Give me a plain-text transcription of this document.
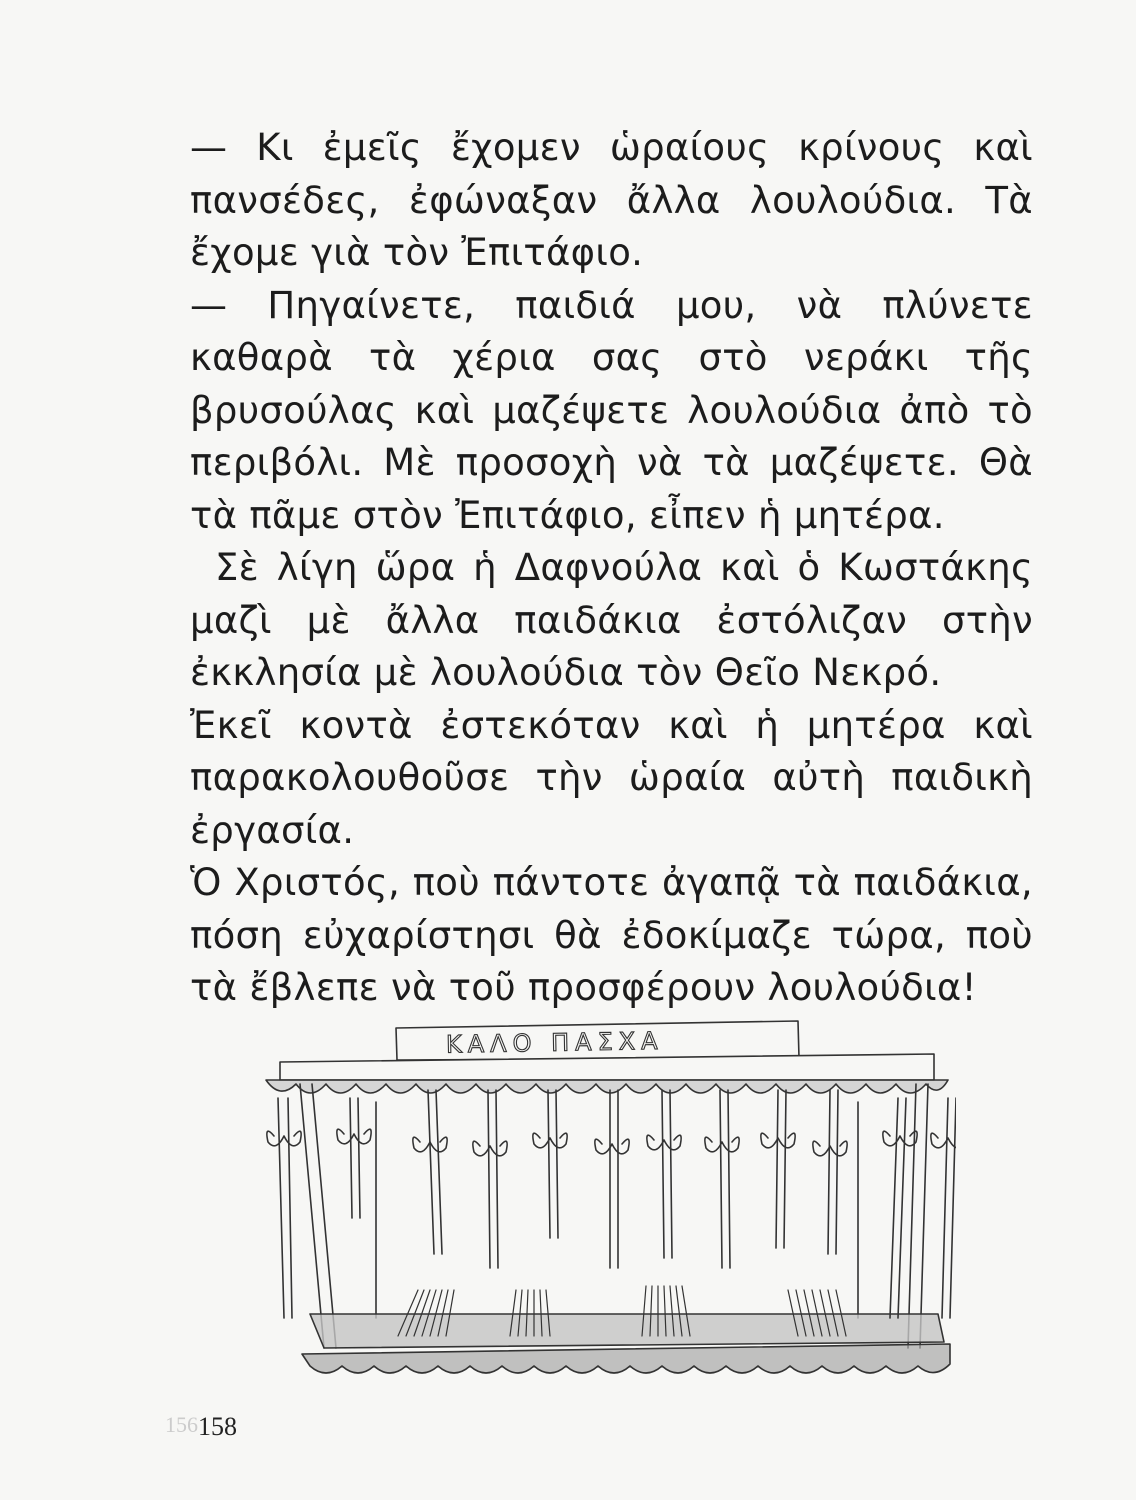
— Κι ἐμεῖς ἔχομεν ὡραίους κρίνους καὶ πανσέδες, ἐφώναξαν ἄλλα λουλούδια. Τὰ ἔχομε γιὰ τὸν Ἐπιτάφιο.

— Πηγαίνετε, παιδιά μου, νὰ πλύνετε καθαρὰ τὰ χέρια σας στὸ νεράκι τῆς βρυσούλας καὶ μαζέψετε λουλούδια ἀπὸ τὸ περιβόλι. Μὲ προσοχὴ νὰ τὰ μαζέψετε. Θὰ τὰ πᾶμε στὸν Ἐπιτάφιο, εἶπεν ἡ μητέρα.

Σὲ λίγη ὥρα ἡ Δαφνούλα καὶ ὁ Κωστάκης μαζὶ μὲ ἄλλα παιδάκια ἐστόλιζαν στὴν ἐκκλησία μὲ λουλούδια τὸν Θεῖο Νεκρό.

Ἐκεῖ κοντὰ ἐστεκόταν καὶ ἡ μητέρα καὶ παρακολουθοῦσε τὴν ὡραία αὐτὴ παιδικὴ ἐργασία.

Ὁ Χριστός, ποὺ πάντοτε ἀγαπᾷ τὰ παιδάκια, πόση εὐχαρίστησι θὰ ἐδοκίμαζε τώρα, ποὺ τὰ ἔβλεπε νὰ τοῦ προσφέρουν λουλούδια!

ΚΑΛΟ ΠΑΣΧΑ
156 158
